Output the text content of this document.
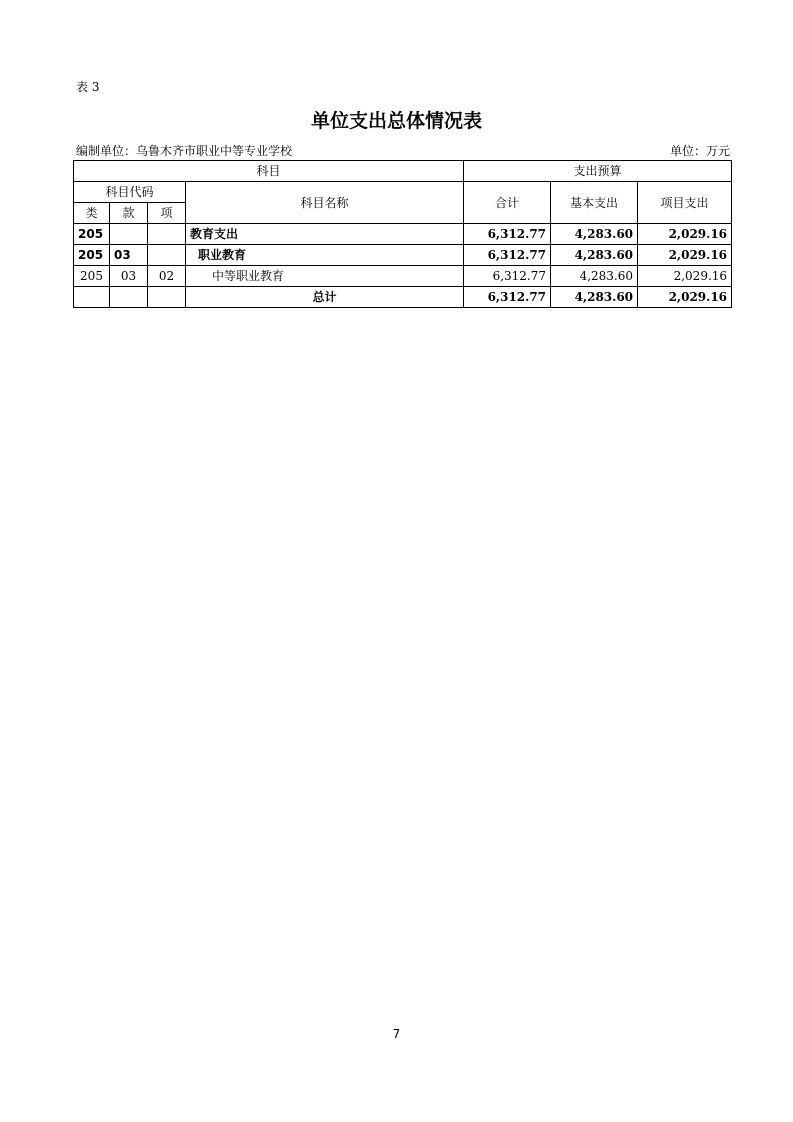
表 3
单位支出总体情况表
编制单位：乌鲁木齐市职业中等专业学校	单位：万元
科目				支出预算		
科目代码			科目名称	合计	基本支出	项目支出
类	款	项				
205			教育支出	6,312.77	4,283.60	2,029.16
205	03		职业教育	6,312.77	4,283.60	2,029.16
205	03	02	中等职业教育	6,312.77	4,283.60	2,029.16
			总计	6,312.77	4,283.60	2,029.16
7
